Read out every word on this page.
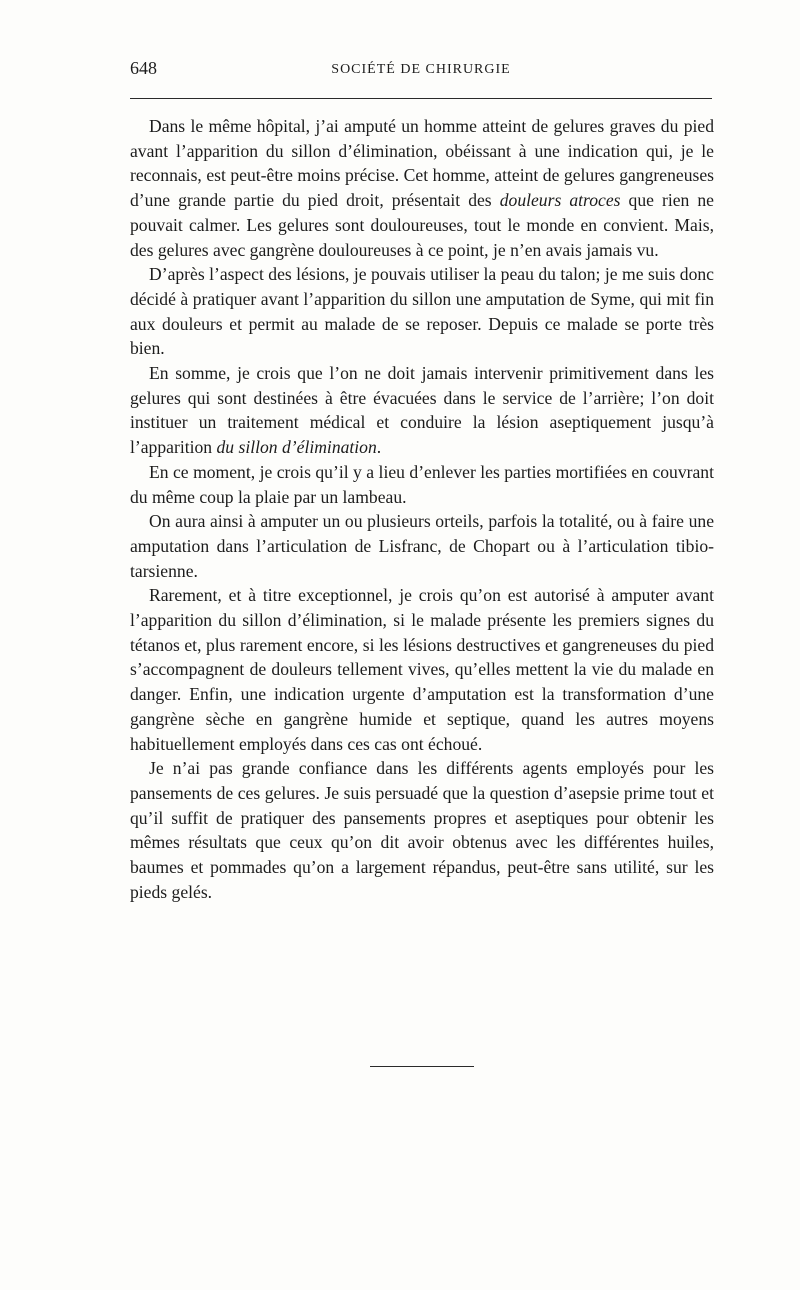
648	SOCIÉTÉ DE CHIRURGIE

Dans le même hôpital, j’ai amputé un homme atteint de gelures graves du pied avant l’apparition du sillon d’élimination, obéissant à une indication qui, je le reconnais, est peut-être moins précise. Cet homme, atteint de gelures gangreneuses d’une grande partie du pied droit, présentait des douleurs atroces que rien ne pouvait calmer. Les gelures sont douloureuses, tout le monde en convient. Mais, des gelures avec gangrène douloureuses à ce point, je n’en avais jamais vu.

D’après l’aspect des lésions, je pouvais utiliser la peau du talon; je me suis donc décidé à pratiquer avant l’apparition du sillon une amputation de Syme, qui mit fin aux douleurs et permit au malade de se reposer. Depuis ce malade se porte très bien.

En somme, je crois que l’on ne doit jamais intervenir primitivement dans les gelures qui sont destinées à être évacuées dans le service de l’arrière; l’on doit instituer un traitement médical et conduire la lésion aseptiquement jusqu’à l’apparition du sillon d’élimination.

En ce moment, je crois qu’il y a lieu d’enlever les parties mortifiées en couvrant du même coup la plaie par un lambeau.

On aura ainsi à amputer un ou plusieurs orteils, parfois la totalité, ou à faire une amputation dans l’articulation de Lisfranc, de Chopart ou à l’articulation tibio-tarsienne.

Rarement, et à titre exceptionnel, je crois qu’on est autorisé à amputer avant l’apparition du sillon d’élimination, si le malade présente les premiers signes du tétanos et, plus rarement encore, si les lésions destructives et gangreneuses du pied s’accompagnent de douleurs tellement vives, qu’elles mettent la vie du malade en danger. Enfin, une indication urgente d’amputation est la transformation d’une gangrène sèche en gangrène humide et septique, quand les autres moyens habituellement employés dans ces cas ont échoué.

Je n’ai pas grande confiance dans les différents agents employés pour les pansements de ces gelures. Je suis persuadé que la question d’asepsie prime tout et qu’il suffit de pratiquer des pansements propres et aseptiques pour obtenir les mêmes résultats que ceux qu’on dit avoir obtenus avec les différentes huiles, baumes et pommades qu’on a largement répandus, peut-être sans utilité, sur les pieds gelés.
